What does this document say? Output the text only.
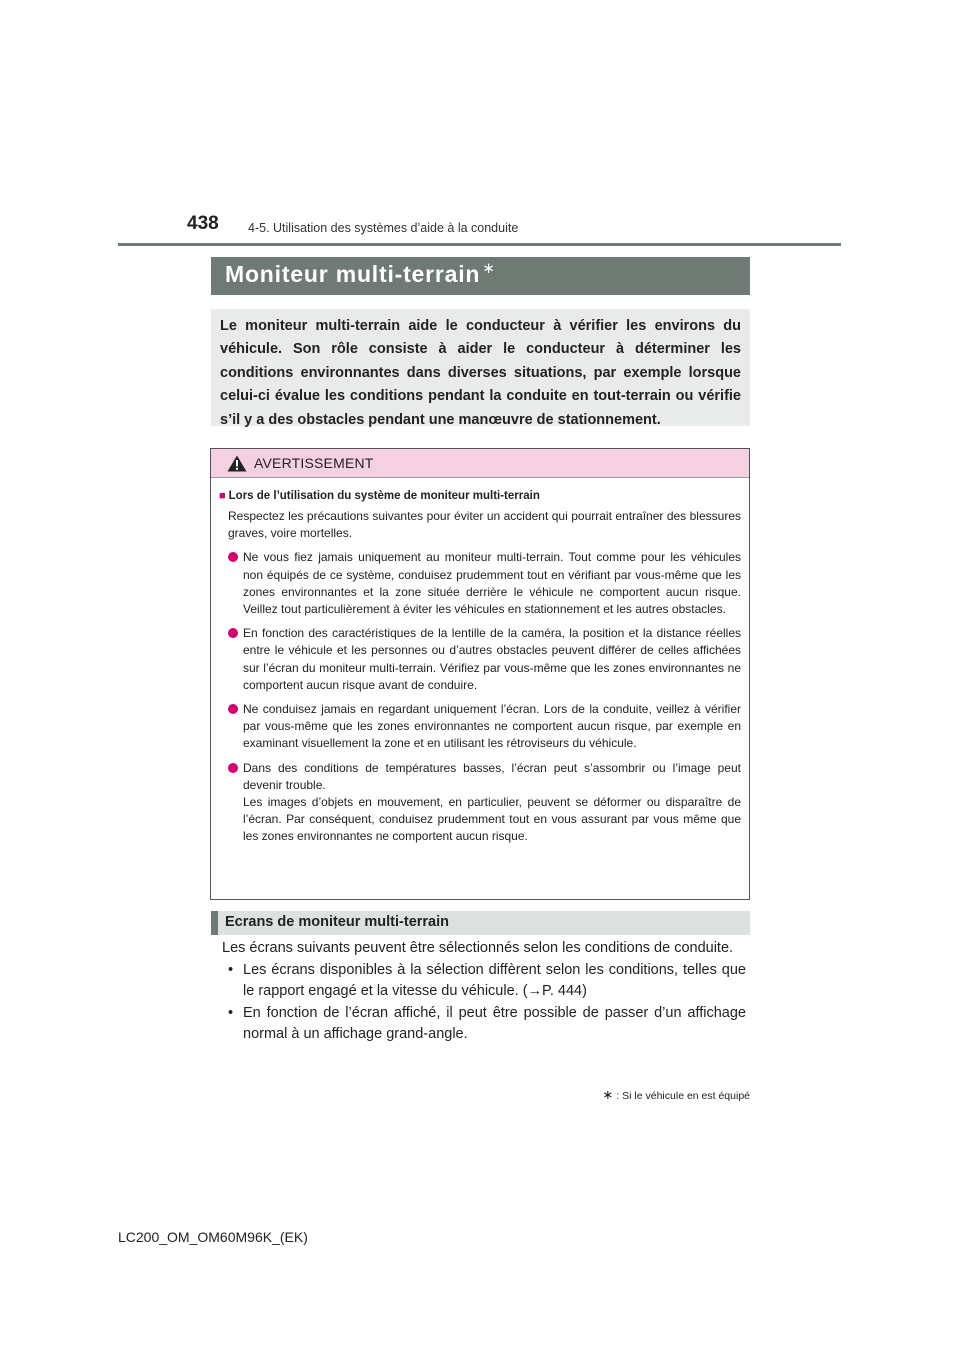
438 4-5. Utilisation des systèmes d’aide à la conduite
Moniteur multi-terrain ∗

Le moniteur multi-terrain aide le conducteur à vérifier les environs du véhicule. Son rôle consiste à aider le conducteur à déterminer les conditions environnantes dans diverses situations, par exemple lorsque celui-ci évalue les conditions pendant la conduite en tout-terrain ou vérifie s’il y a des obstacles pendant une manœuvre de stationnement.

AVERTISSEMENT

■ Lors de l’utilisation du système de moniteur multi-terrain

Respectez les précautions suivantes pour éviter un accident qui pourrait entraîner des blessures graves, voire mortelles.

Ne vous fiez jamais uniquement au moniteur multi-terrain. Tout comme pour les véhicules non équipés de ce système, conduisez prudemment tout en vérifiant par vous-même que les zones environnantes et la zone située derrière le véhicule ne comportent aucun risque. Veillez tout particulièrement à éviter les véhicules en stationnement et les autres obstacles.

En fonction des caractéristiques de la lentille de la caméra, la position et la distance réelles entre le véhicule et les personnes ou d’autres obstacles peuvent différer de celles affichées sur l’écran du moniteur multi-terrain. Vérifiez par vous-même que les zones environnantes ne comportent aucun risque avant de conduire.

Ne conduisez jamais en regardant uniquement l’écran. Lors de la conduite, veillez à vérifier par vous-même que les zones environnantes ne comportent aucun risque, par exemple en examinant visuellement la zone et en utilisant les rétroviseurs du véhicule.

Dans des conditions de températures basses, l’écran peut s’assombrir ou l’image peut devenir trouble.
Les images d’objets en mouvement, en particulier, peuvent se déformer ou disparaître de l’écran. Par conséquent, conduisez prudemment tout en vous assurant par vous même que les zones environnantes ne comportent aucun risque.

Ecrans de moniteur multi-terrain

Les écrans suivants peuvent être sélectionnés selon les conditions de conduite.

• Les écrans disponibles à la sélection diffèrent selon les conditions, telles que le rapport engagé et la vitesse du véhicule. (→P. 444)

• En fonction de l’écran affiché, il peut être possible de passer d’un affichage normal à un affichage grand-angle.

∗ : Si le véhicule en est équipé
LC200_OM_OM60M96K_(EK)
